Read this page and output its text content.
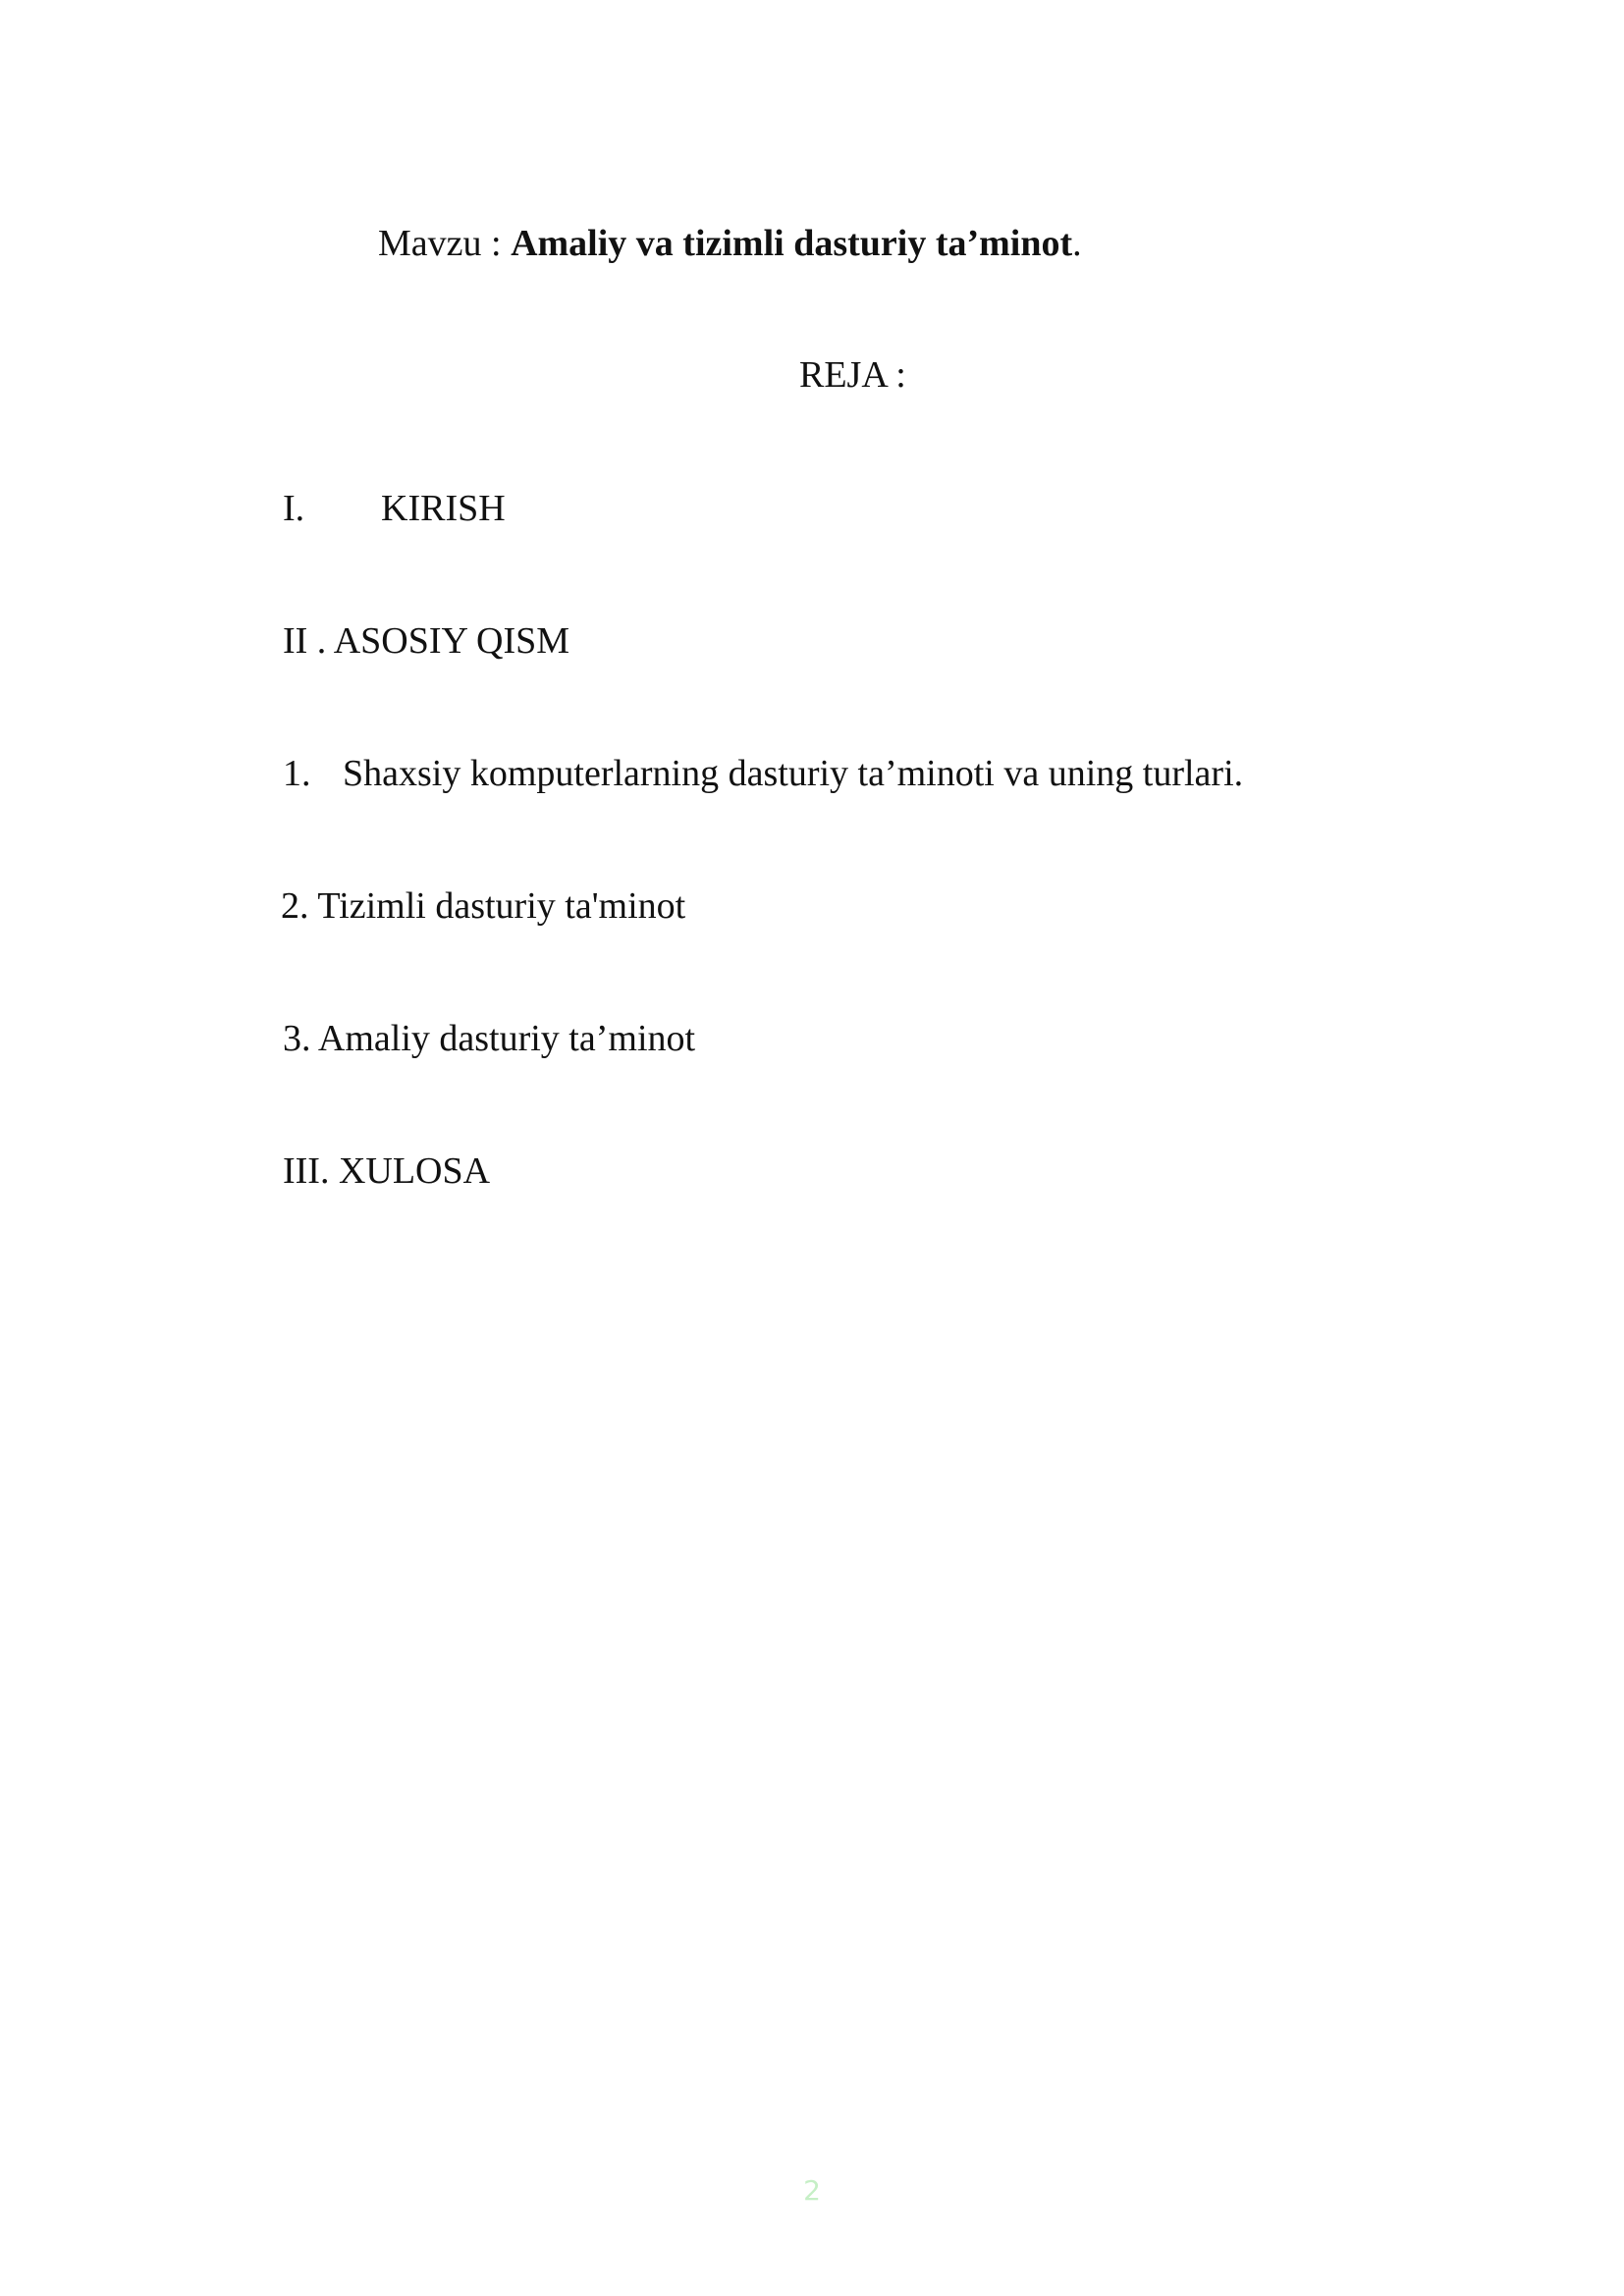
Mavzu : Amaliy va tizimli dasturiy ta’minot.
REJA :
I. KIRISH
II . ASOSIY QISM
1. Shaxsiy komputerlarning dasturiy ta’minoti va uning turlari.
2. Tizimli dasturiy ta'minot
3. Amaliy dasturiy ta’minot
III. XULOSA
2
